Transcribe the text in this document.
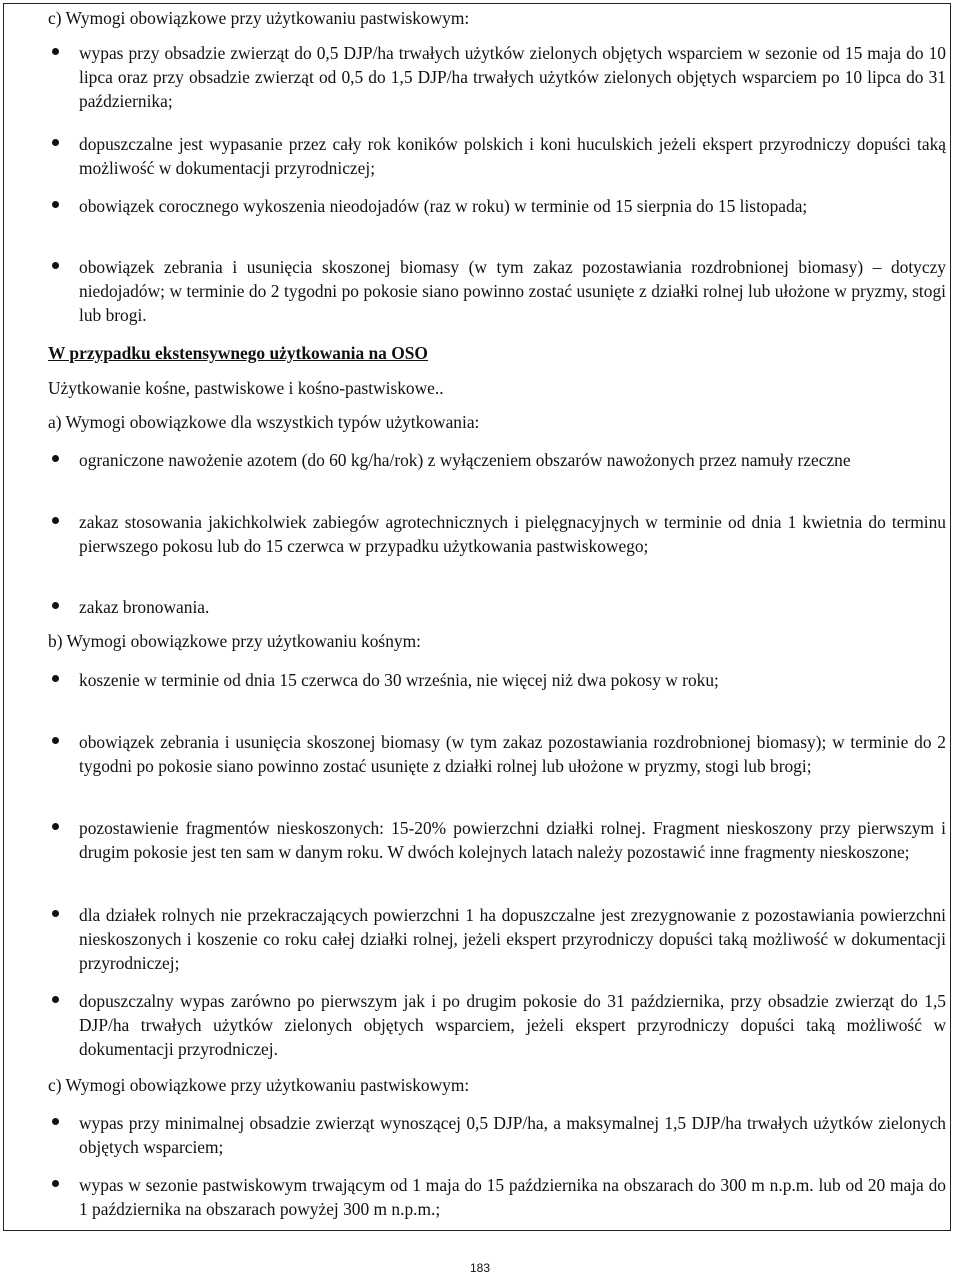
c) Wymogi obowiązkowe przy użytkowaniu pastwiskowym:

wypas przy obsadzie zwierząt do 0,5 DJP/ha trwałych użytków zielonych objętych wsparciem w sezonie od 15 maja do 10 lipca oraz przy obsadzie zwierząt od 0,5 do 1,5 DJP/ha trwałych użytków zielonych objętych wsparciem po 10 lipca do 31 października;

dopuszczalne jest wypasanie przez cały rok koników polskich i koni huculskich jeżeli ekspert przyrodniczy dopuści taką możliwość w dokumentacji przyrodniczej;

obowiązek corocznego wykoszenia nieodojadów (raz w roku) w terminie od 15 sierpnia do 15 listopada;

obowiązek zebrania i usunięcia skoszonej biomasy (w tym zakaz pozostawiania rozdrobnionej biomasy) – dotyczy niedojadów; w terminie do 2 tygodni po pokosie siano powinno zostać usunięte z działki rolnej lub ułożone w pryzmy, stogi lub brogi.

W przypadku ekstensywnego użytkowania na OSO

Użytkowanie kośne, pastwiskowe i kośno-pastwiskowe..

a) Wymogi obowiązkowe dla wszystkich typów użytkowania:

ograniczone nawożenie azotem (do 60 kg/ha/rok) z wyłączeniem obszarów nawożonych przez namuły rzeczne

zakaz stosowania jakichkolwiek zabiegów agrotechnicznych i pielęgnacyjnych w terminie od dnia 1 kwietnia do terminu pierwszego pokosu lub do 15 czerwca w przypadku użytkowania pastwiskowego;

zakaz bronowania.

b) Wymogi obowiązkowe przy użytkowaniu kośnym:

koszenie w terminie od dnia 15 czerwca do 30 września, nie więcej niż dwa pokosy w roku;

obowiązek zebrania i usunięcia skoszonej biomasy (w tym zakaz pozostawiania rozdrobnionej biomasy); w terminie do 2 tygodni po pokosie siano powinno zostać usunięte z działki rolnej lub ułożone w pryzmy, stogi lub brogi;

pozostawienie fragmentów nieskoszonych: 15-20% powierzchni działki rolnej. Fragment nieskoszony przy pierwszym i drugim pokosie jest ten sam w danym roku. W dwóch kolejnych latach należy pozostawić inne fragmenty nieskoszone;

dla działek rolnych nie przekraczających powierzchni 1 ha dopuszczalne jest zrezygnowanie z pozostawiania powierzchni nieskoszonych i koszenie co roku całej działki rolnej, jeżeli ekspert przyrodniczy dopuści taką możliwość w dokumentacji przyrodniczej;

dopuszczalny wypas zarówno po pierwszym jak i po drugim pokosie do 31 października, przy obsadzie zwierząt do 1,5 DJP/ha trwałych użytków zielonych objętych wsparciem, jeżeli ekspert przyrodniczy dopuści taką możliwość w dokumentacji przyrodniczej.

c) Wymogi obowiązkowe przy użytkowaniu pastwiskowym:

wypas przy minimalnej obsadzie zwierząt wynoszącej 0,5 DJP/ha, a maksymalnej 1,5 DJP/ha trwałych użytków zielonych objętych wsparciem;

wypas w sezonie pastwiskowym trwającym od 1 maja do 15 października na obszarach do 300 m n.p.m. lub od 20 maja do 1 października na obszarach powyżej 300 m n.p.m.;

183
